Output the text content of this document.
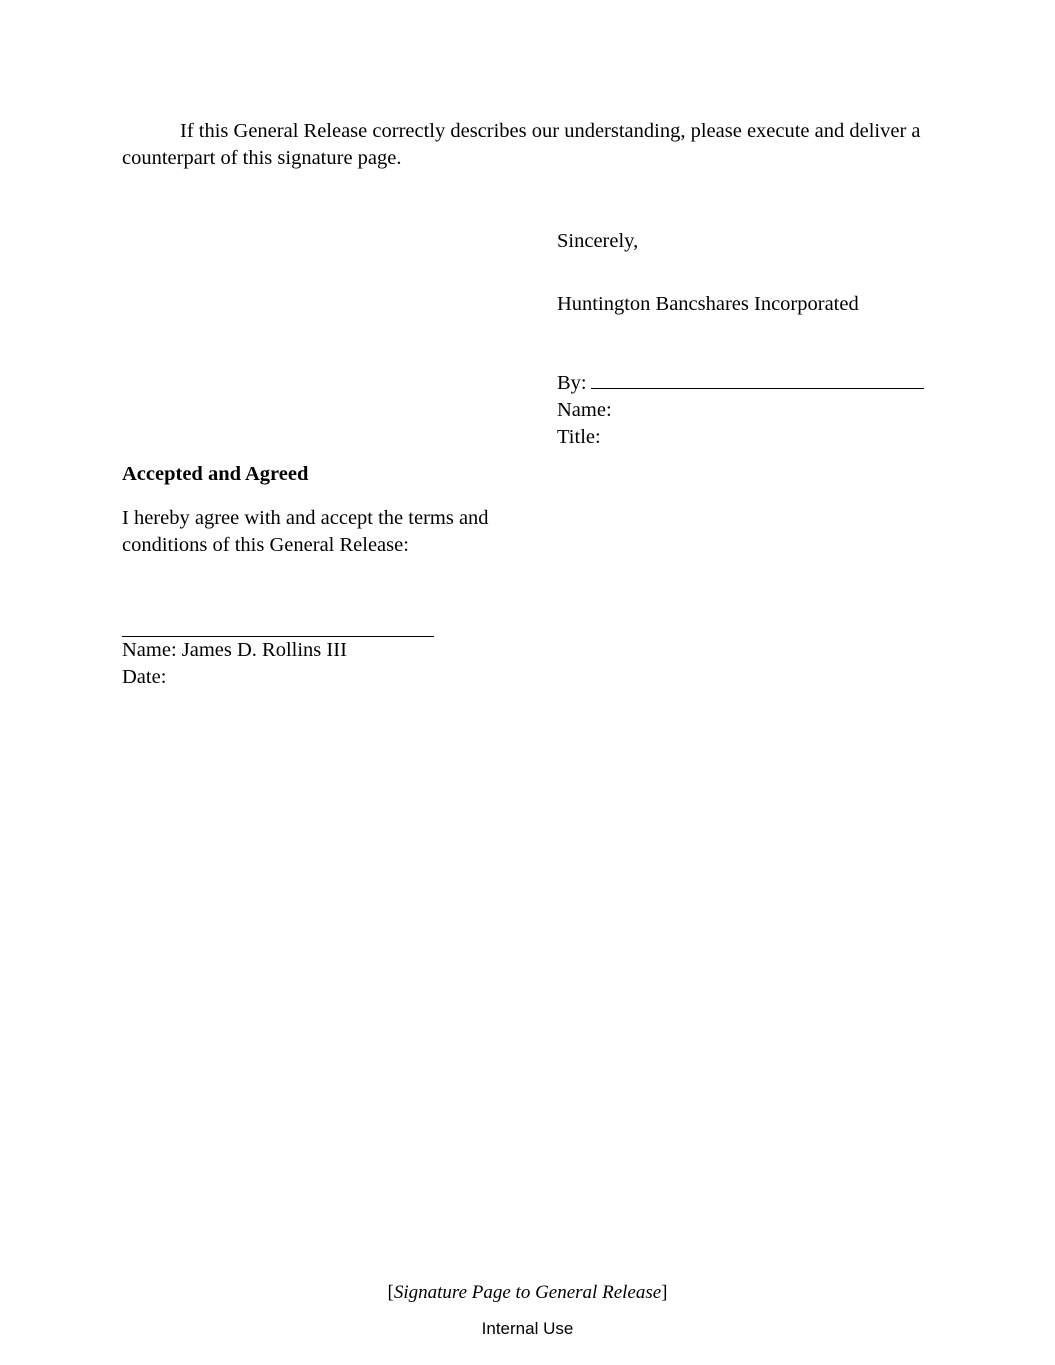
If this General Release correctly describes our understanding, please execute and deliver a counterpart of this signature page.

Sincerely,

Huntington Bancshares Incorporated

By:

Name:

Title:

Accepted and Agreed

I hereby agree with and accept the terms and conditions of this General Release:

Name: James D. Rollins III

Date:

[Signature Page to General Release]
Internal Use
